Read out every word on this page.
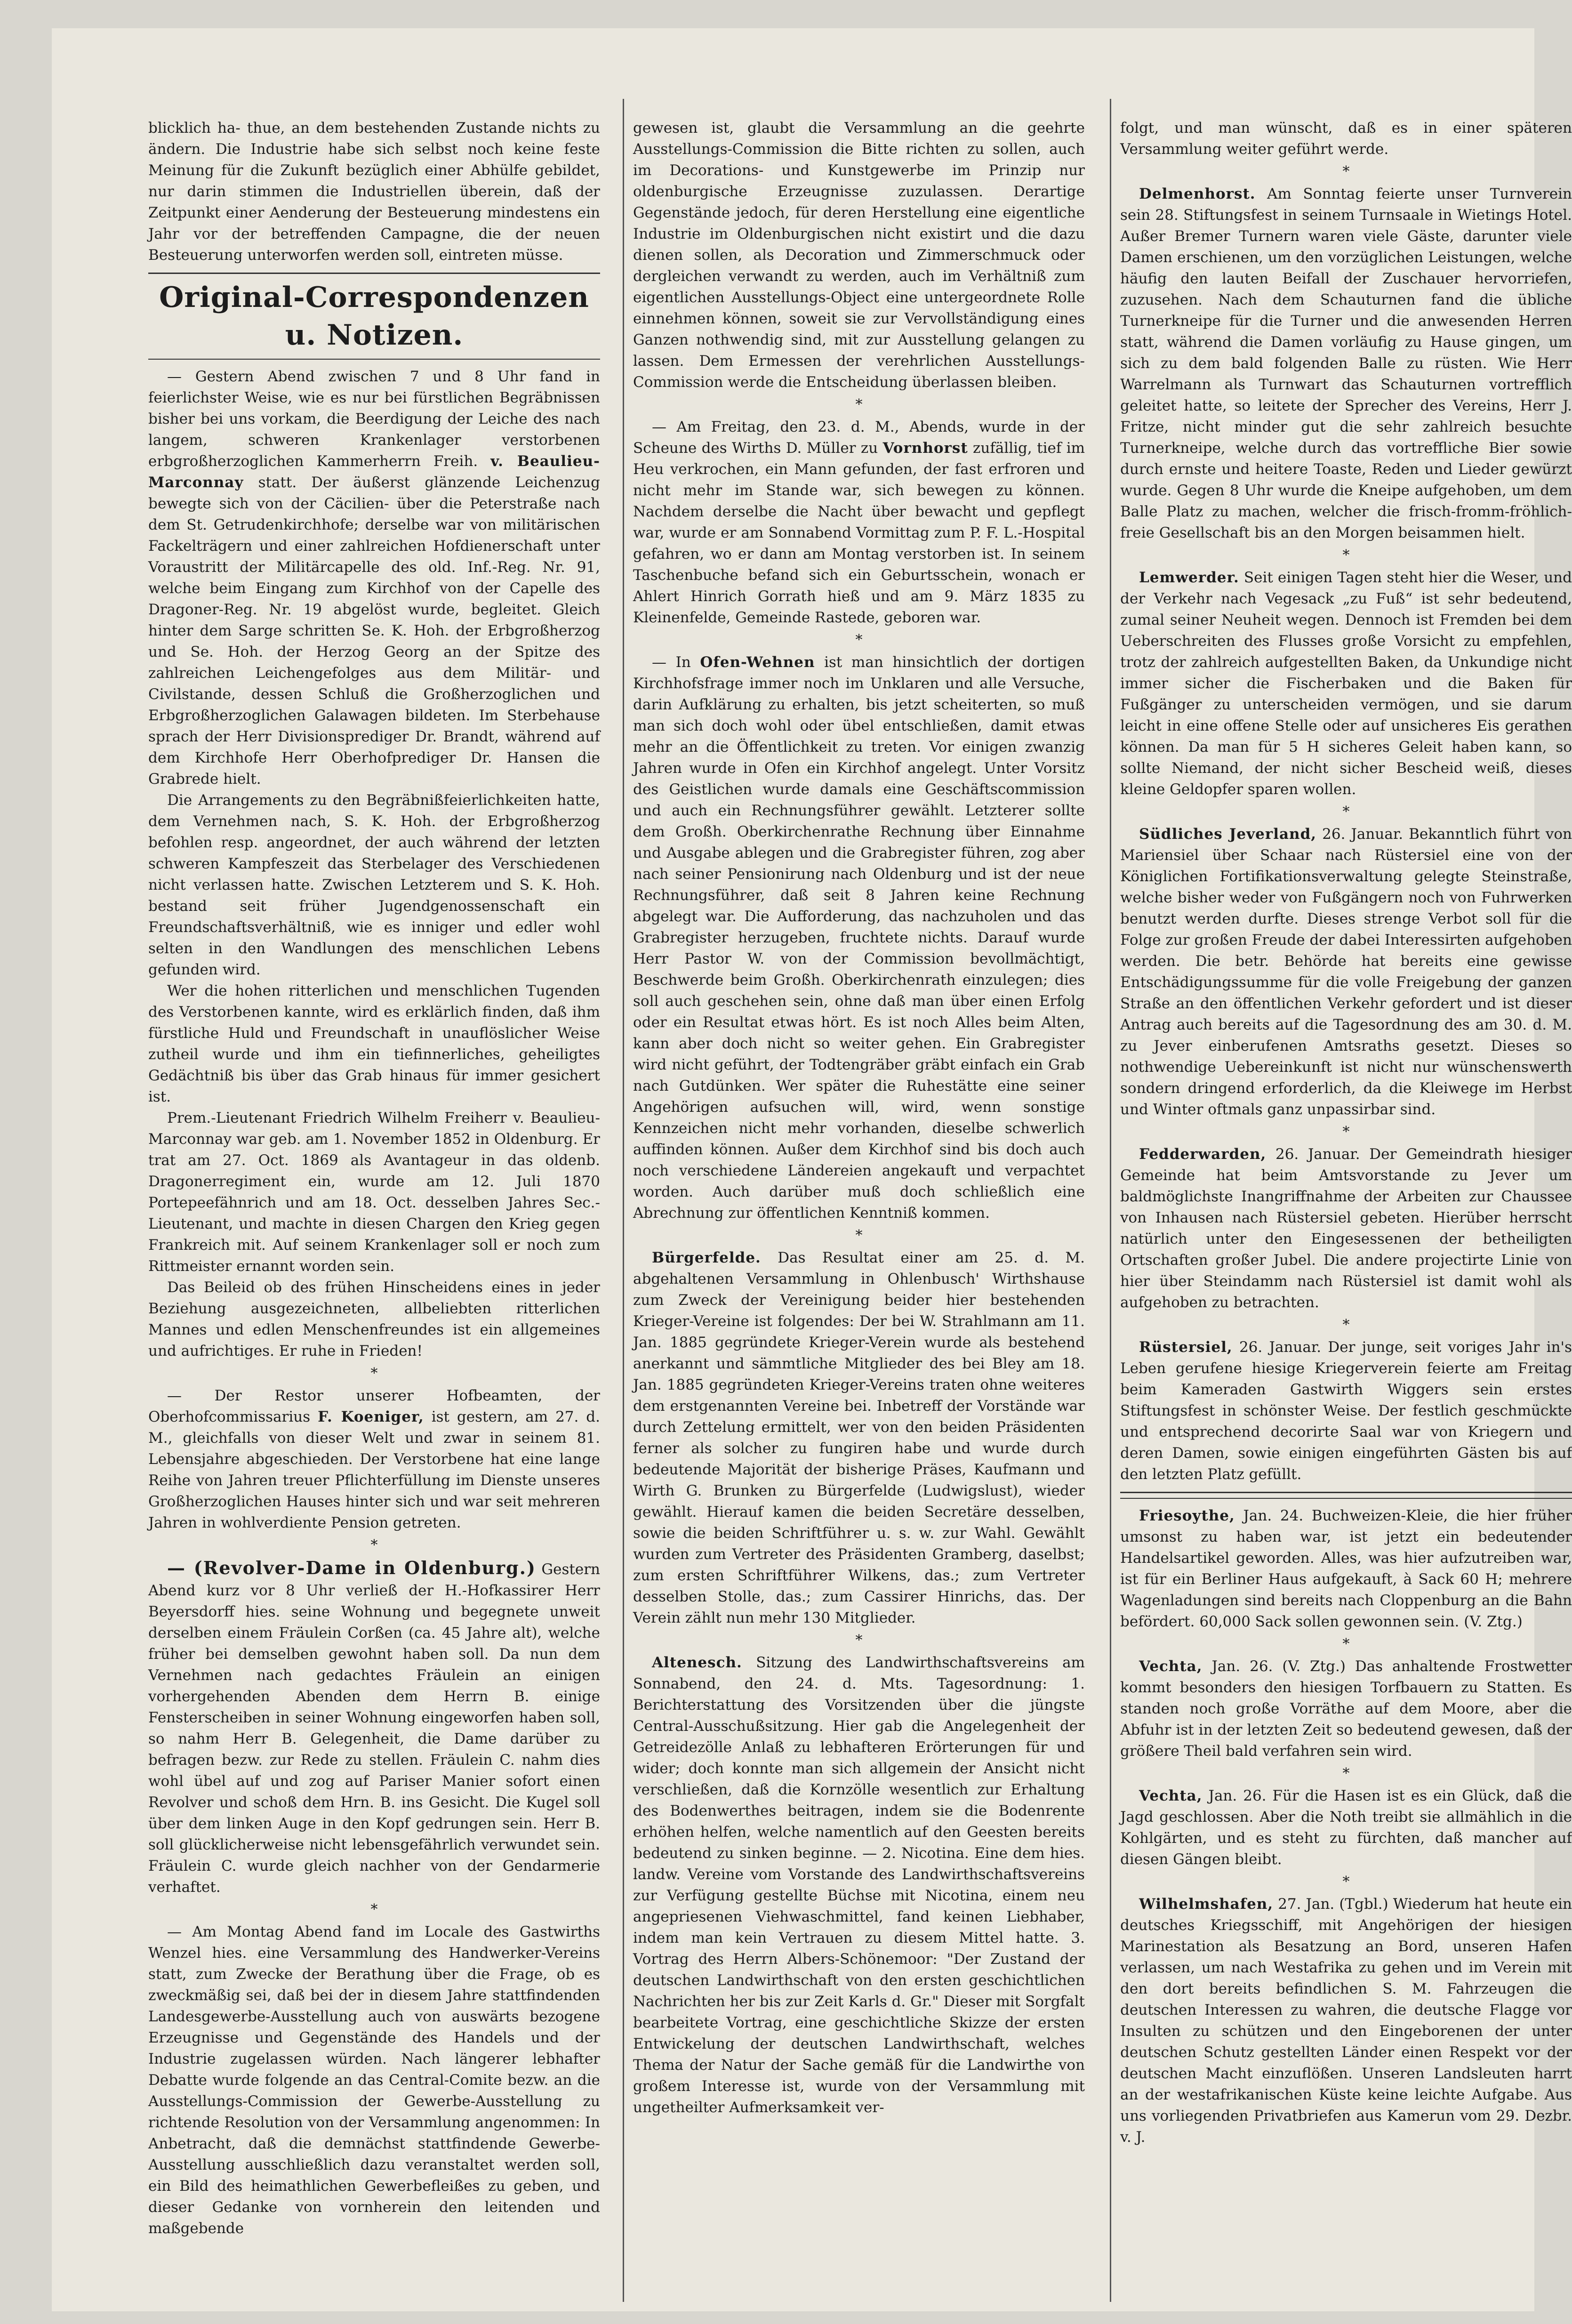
blicklich ha- thue, an dem bestehenden Zustande nichts zu ändern. Die Industrie habe sich selbst noch keine feste Meinung für die Zukunft bezüglich einer Abhülfe gebildet, nur darin stimmen die Industriellen überein, daß der Zeitpunkt einer Aenderung der Besteuerung mindestens ein Jahr vor der betreffenden Campagne, die der neuen Besteuerung unterworfen werden soll, eintreten müsse.

Original-Correspondenzen u. Notizen.

— Gestern Abend zwischen 7 und 8 Uhr fand in feierlichster Weise, wie es nur bei fürstlichen Begräbnissen bisher bei uns vorkam, die Beerdigung der Leiche des nach langem, schweren Krankenlager verstorbenen erbgroßherzoglichen Kammerherrn Freih. v. Beaulieu-Marconnay statt. Der äußerst glänzende Leichenzug bewegte sich von der Cäcilien- über die Peterstraße nach dem St. Getrudenkirchhofe; derselbe war von militärischen Fackelträgern und einer zahlreichen Hofdienerschaft unter Voraustritt der Militärcapelle des old. Inf.-Reg. Nr. 91, welche beim Eingang zum Kirchhof von der Capelle des Dragoner-Reg. Nr. 19 abgelöst wurde, begleitet. Gleich hinter dem Sarge schritten Se. K. Hoh. der Erbgroßherzog und Se. Hoh. der Herzog Georg an der Spitze des zahlreichen Leichengefolges aus dem Militär- und Civilstande, dessen Schluß die Großherzoglichen und Erbgroßherzoglichen Galawagen bildeten. Im Sterbehause sprach der Herr Divisionsprediger Dr. Brandt, während auf dem Kirchhofe Herr Oberhofprediger Dr. Hansen die Grabrede hielt.

Die Arrangements zu den Begräbnißfeierlichkeiten hatte, dem Vernehmen nach, S. K. Hoh. der Erbgroßherzog befohlen resp. angeordnet, der auch während der letzten schweren Kampfeszeit das Sterbelager des Verschiedenen nicht verlassen hatte. Zwischen Letzterem und S. K. Hoh. bestand seit früher Jugendgenossenschaft ein Freundschaftsverhältniß, wie es inniger und edler wohl selten in den Wandlungen des menschlichen Lebens gefunden wird.

Wer die hohen ritterlichen und menschlichen Tugenden des Verstorbenen kannte, wird es erklärlich finden, daß ihm fürstliche Huld und Freundschaft in unauflöslicher Weise zutheil wurde und ihm ein tiefinnerliches, geheiligtes Gedächtniß bis über das Grab hinaus für immer gesichert ist.

Prem.-Lieutenant Friedrich Wilhelm Freiherr v. Beaulieu-Marconnay war geb. am 1. November 1852 in Oldenburg. Er trat am 27. Oct. 1869 als Avantageur in das oldenb. Dragonerregiment ein, wurde am 12. Juli 1870 Portepeefähnrich und am 18. Oct. desselben Jahres Sec.-Lieutenant, und machte in diesen Chargen den Krieg gegen Frankreich mit. Auf seinem Krankenlager soll er noch zum Rittmeister ernannt worden sein.

Das Beileid ob des frühen Hinscheidens eines in jeder Beziehung ausgezeichneten, allbeliebten ritterlichen Mannes und edlen Menschenfreundes ist ein allgemeines und aufrichtiges. Er ruhe in Frieden!

*

— Der Restor unserer Hofbeamten, der Oberhofcommissarius F. Koeniger, ist gestern, am 27. d. M., gleichfalls von dieser Welt und zwar in seinem 81. Lebensjahre abgeschieden. Der Verstorbene hat eine lange Reihe von Jahren treuer Pflichterfüllung im Dienste unseres Großherzoglichen Hauses hinter sich und war seit mehreren Jahren in wohlverdiente Pension getreten.

*

— (Revolver-Dame in Oldenburg.) Gestern Abend kurz vor 8 Uhr verließ der H.-Hofkassirer Herr Beyersdorff hies. seine Wohnung und begegnete unweit derselben einem Fräulein Corßen (ca. 45 Jahre alt), welche früher bei demselben gewohnt haben soll. Da nun dem Vernehmen nach gedachtes Fräulein an einigen vorhergehenden Abenden dem Herrn B. einige Fensterscheiben in seiner Wohnung eingeworfen haben soll, so nahm Herr B. Gelegenheit, die Dame darüber zu befragen bezw. zur Rede zu stellen. Fräulein C. nahm dies wohl übel auf und zog auf Pariser Manier sofort einen Revolver und schoß dem Hrn. B. ins Gesicht. Die Kugel soll über dem linken Auge in den Kopf gedrungen sein. Herr B. soll glücklicherweise nicht lebensgefährlich verwundet sein. Fräulein C. wurde gleich nachher von der Gendarmerie verhaftet.

*

— Am Montag Abend fand im Locale des Gastwirths Wenzel hies. eine Versammlung des Handwerker-Vereins statt, zum Zwecke der Berathung über die Frage, ob es zweckmäßig sei, daß bei der in diesem Jahre stattfindenden Landesgewerbe-Ausstellung auch von auswärts bezogene Erzeugnisse und Gegenstände des Handels und der Industrie zugelassen würden. Nach längerer lebhafter Debatte wurde folgende an das Central-Comite bezw. an die Ausstellungs-Commission der Gewerbe-Ausstellung zu richtende Resolution von der Versammlung angenommen: In Anbetracht, daß die demnächst stattfindende Gewerbe-Ausstellung ausschließlich dazu veranstaltet werden soll, ein Bild des heimathlichen Gewerbefleißes zu geben, und dieser Gedanke von vornherein den leitenden und maßgebende

gewesen ist, glaubt die Versammlung an die geehrte Ausstellungs-Commission die Bitte richten zu sollen, auch im Decorations- und Kunstgewerbe im Prinzip nur oldenburgische Erzeugnisse zuzulassen. Derartige Gegenstände jedoch, für deren Herstellung eine eigentliche Industrie im Oldenburgischen nicht existirt und die dazu dienen sollen, als Decoration und Zimmerschmuck oder dergleichen verwandt zu werden, auch im Verhältniß zum eigentlichen Ausstellungs-Object eine untergeordnete Rolle einnehmen können, soweit sie zur Vervollständigung eines Ganzen nothwendig sind, mit zur Ausstellung gelangen zu lassen. Dem Ermessen der verehrlichen Ausstellungs-Commission werde die Entscheidung überlassen bleiben.

*

— Am Freitag, den 23. d. M., Abends, wurde in der Scheune des Wirths D. Müller zu Vornhorst zufällig, tief im Heu verkrochen, ein Mann gefunden, der fast erfroren und nicht mehr im Stande war, sich bewegen zu können. Nachdem derselbe die Nacht über bewacht und gepflegt war, wurde er am Sonnabend Vormittag zum P. F. L.-Hospital gefahren, wo er dann am Montag verstorben ist. In seinem Taschenbuche befand sich ein Geburtsschein, wonach er Ahlert Hinrich Gorrath hieß und am 9. März 1835 zu Kleinenfelde, Gemeinde Rastede, geboren war.

*

— In Ofen-Wehnen ist man hinsichtlich der dortigen Kirchhofsfrage immer noch im Unklaren und alle Versuche, darin Aufklärung zu erhalten, bis jetzt scheiterten, so muß man sich doch wohl oder übel entschließen, damit etwas mehr an die Öffentlichkeit zu treten. Vor einigen zwanzig Jahren wurde in Ofen ein Kirchhof angelegt. Unter Vorsitz des Geistlichen wurde damals eine Geschäftscommission und auch ein Rechnungsführer gewählt. Letzterer sollte dem Großh. Oberkirchenrathe Rechnung über Einnahme und Ausgabe ablegen und die Grabregister führen, zog aber nach seiner Pensionirung nach Oldenburg und ist der neue Rechnungsführer, daß seit 8 Jahren keine Rechnung abgelegt war. Die Aufforderung, das nachzuholen und das Grabregister herzugeben, fruchtete nichts. Darauf wurde Herr Pastor W. von der Commission bevollmächtigt, Beschwerde beim Großh. Oberkirchenrath einzulegen; dies soll auch geschehen sein, ohne daß man über einen Erfolg oder ein Resultat etwas hört. Es ist noch Alles beim Alten, kann aber doch nicht so weiter gehen. Ein Grabregister wird nicht geführt, der Todtengräber gräbt einfach ein Grab nach Gutdünken. Wer später die Ruhestätte eine seiner Angehörigen aufsuchen will, wird, wenn sonstige Kennzeichen nicht mehr vorhanden, dieselbe schwerlich auffinden können. Außer dem Kirchhof sind bis doch auch noch verschiedene Ländereien angekauft und verpachtet worden. Auch darüber muß doch schließlich eine Abrechnung zur öffentlichen Kenntniß kommen.

*

Bürgerfelde. Das Resultat einer am 25. d. M. abgehaltenen Versammlung in Ohlenbusch' Wirthshause zum Zweck der Vereinigung beider hier bestehenden Krieger-Vereine ist folgendes: Der bei W. Strahlmann am 11. Jan. 1885 gegründete Krieger-Verein wurde als bestehend anerkannt und sämmtliche Mitglieder des bei Bley am 18. Jan. 1885 gegründeten Krieger-Vereins traten ohne weiteres dem erstgenannten Vereine bei. Inbetreff der Vorstände war durch Zettelung ermittelt, wer von den beiden Präsidenten ferner als solcher zu fungiren habe und wurde durch bedeutende Majorität der bisherige Präses, Kaufmann und Wirth G. Brunken zu Bürgerfelde (Ludwigslust), wieder gewählt. Hierauf kamen die beiden Secretäre desselben, sowie die beiden Schriftführer u. s. w. zur Wahl. Gewählt wurden zum Vertreter des Präsidenten Gramberg, daselbst; zum ersten Schriftführer Wilkens, das.; zum Vertreter desselben Stolle, das.; zum Cassirer Hinrichs, das. Der Verein zählt nun mehr 130 Mitglieder.

*

Altenesch. Sitzung des Landwirthschaftsvereins am Sonnabend, den 24. d. Mts. Tagesordnung: 1. Berichterstattung des Vorsitzenden über die jüngste Central-Ausschußsitzung. Hier gab die Angelegenheit der Getreidezölle Anlaß zu lebhafteren Erörterungen für und wider; doch konnte man sich allgemein der Ansicht nicht verschließen, daß die Kornzölle wesentlich zur Erhaltung des Bodenwerthes beitragen, indem sie die Bodenrente erhöhen helfen, welche namentlich auf den Geesten bereits bedeutend zu sinken beginne. — 2. Nicotina. Eine dem hies. landw. Vereine vom Vorstande des Landwirthschaftsvereins zur Verfügung gestellte Büchse mit Nicotina, einem neu angepriesenen Viehwaschmittel, fand keinen Liebhaber, indem man kein Vertrauen zu diesem Mittel hatte. 3. Vortrag des Herrn Albers-Schönemoor: "Der Zustand der deutschen Landwirthschaft von den ersten geschichtlichen Nachrichten her bis zur Zeit Karls d. Gr." Dieser mit Sorgfalt bearbeitete Vortrag, eine geschichtliche Skizze der ersten Entwickelung der deutschen Landwirthschaft, welches Thema der Natur der Sache gemäß für die Landwirthe von großem Interesse ist, wurde von der Versammlung mit ungetheilter Aufmerksamkeit ver-

folgt, und man wünscht, daß es in einer späteren Versammlung weiter geführt werde.

*

Delmenhorst. Am Sonntag feierte unser Turnverein sein 28. Stiftungsfest in seinem Turnsaale in Wietings Hotel. Außer Bremer Turnern waren viele Gäste, darunter viele Damen erschienen, um den vorzüglichen Leistungen, welche häufig den lauten Beifall der Zuschauer hervorriefen, zuzusehen. Nach dem Schauturnen fand die übliche Turnerkneipe für die Turner und die anwesenden Herren statt, während die Damen vorläufig zu Hause gingen, um sich zu dem bald folgenden Balle zu rüsten. Wie Herr Warrelmann als Turnwart das Schauturnen vortrefflich geleitet hatte, so leitete der Sprecher des Vereins, Herr J. Fritze, nicht minder gut die sehr zahlreich besuchte Turnerkneipe, welche durch das vortreffliche Bier sowie durch ernste und heitere Toaste, Reden und Lieder gewürzt wurde. Gegen 8 Uhr wurde die Kneipe aufgehoben, um dem Balle Platz zu machen, welcher die frisch-fromm-fröhlich-freie Gesellschaft bis an den Morgen beisammen hielt.

*

Lemwerder. Seit einigen Tagen steht hier die Weser, und der Verkehr nach Vegesack „zu Fuß“ ist sehr bedeutend, zumal seiner Neuheit wegen. Dennoch ist Fremden bei dem Ueberschreiten des Flusses große Vorsicht zu empfehlen, trotz der zahlreich aufgestellten Baken, da Unkundige nicht immer sicher die Fischerbaken und die Baken für Fußgänger zu unterscheiden vermögen, und sie darum leicht in eine offene Stelle oder auf unsicheres Eis gerathen können. Da man für 5 H sicheres Geleit haben kann, so sollte Niemand, der nicht sicher Bescheid weiß, dieses kleine Geldopfer sparen wollen.

*

Südliches Jeverland, 26. Januar. Bekanntlich führt von Mariensiel über Schaar nach Rüstersiel eine von der Königlichen Fortifikationsverwaltung gelegte Steinstraße, welche bisher weder von Fußgängern noch von Fuhrwerken benutzt werden durfte. Dieses strenge Verbot soll für die Folge zur großen Freude der dabei Interessirten aufgehoben werden. Die betr. Behörde hat bereits eine gewisse Entschädigungssumme für die volle Freigebung der ganzen Straße an den öffentlichen Verkehr gefordert und ist dieser Antrag auch bereits auf die Tagesordnung des am 30. d. M. zu Jever einberufenen Amtsraths gesetzt. Dieses so nothwendige Uebereinkunft ist nicht nur wünschenswerth sondern dringend erforderlich, da die Kleiwege im Herbst und Winter oftmals ganz unpassirbar sind.

*

Fedderwarden, 26. Januar. Der Gemeindrath hiesiger Gemeinde hat beim Amtsvorstande zu Jever um baldmöglichste Inangriffnahme der Arbeiten zur Chaussee von Inhausen nach Rüstersiel gebeten. Hierüber herrscht natürlich unter den Eingesessenen der betheiligten Ortschaften großer Jubel. Die andere projectirte Linie von hier über Steindamm nach Rüstersiel ist damit wohl als aufgehoben zu betrachten.

*

Rüstersiel, 26. Januar. Der junge, seit voriges Jahr in's Leben gerufene hiesige Kriegerverein feierte am Freitag beim Kameraden Gastwirth Wiggers sein erstes Stiftungsfest in schönster Weise. Der festlich geschmückte und entsprechend decorirte Saal war von Kriegern und deren Damen, sowie einigen eingeführten Gästen bis auf den letzten Platz gefüllt.

Friesoythe, Jan. 24. Buchweizen-Kleie, die hier früher umsonst zu haben war, ist jetzt ein bedeutender Handelsartikel geworden. Alles, was hier aufzutreiben war, ist für ein Berliner Haus aufgekauft, à Sack 60 H; mehrere Wagenladungen sind bereits nach Cloppenburg an die Bahn befördert. 60,000 Sack sollen gewonnen sein. (V. Ztg.)

*

Vechta, Jan. 26. (V. Ztg.) Das anhaltende Frostwetter kommt besonders den hiesigen Torfbauern zu Statten. Es standen noch große Vorräthe auf dem Moore, aber die Abfuhr ist in der letzten Zeit so bedeutend gewesen, daß der größere Theil bald verfahren sein wird.

*

Vechta, Jan. 26. Für die Hasen ist es ein Glück, daß die Jagd geschlossen. Aber die Noth treibt sie allmählich in die Kohlgärten, und es steht zu fürchten, daß mancher auf diesen Gängen bleibt.

*

Wilhelmshafen, 27. Jan. (Tgbl.) Wiederum hat heute ein deutsches Kriegsschiff, mit Angehörigen der hiesigen Marinestation als Besatzung an Bord, unseren Hafen verlassen, um nach Westafrika zu gehen und im Verein mit den dort bereits befindlichen S. M. Fahrzeugen die deutschen Interessen zu wahren, die deutsche Flagge vor Insulten zu schützen und den Eingeborenen der unter deutschen Schutz gestellten Länder einen Respekt vor der deutschen Macht einzuflößen. Unseren Landsleuten harrt an der westafrikanischen Küste keine leichte Aufgabe. Aus uns vorliegenden Privatbriefen aus Kamerun vom 29. Dezbr. v. J.
